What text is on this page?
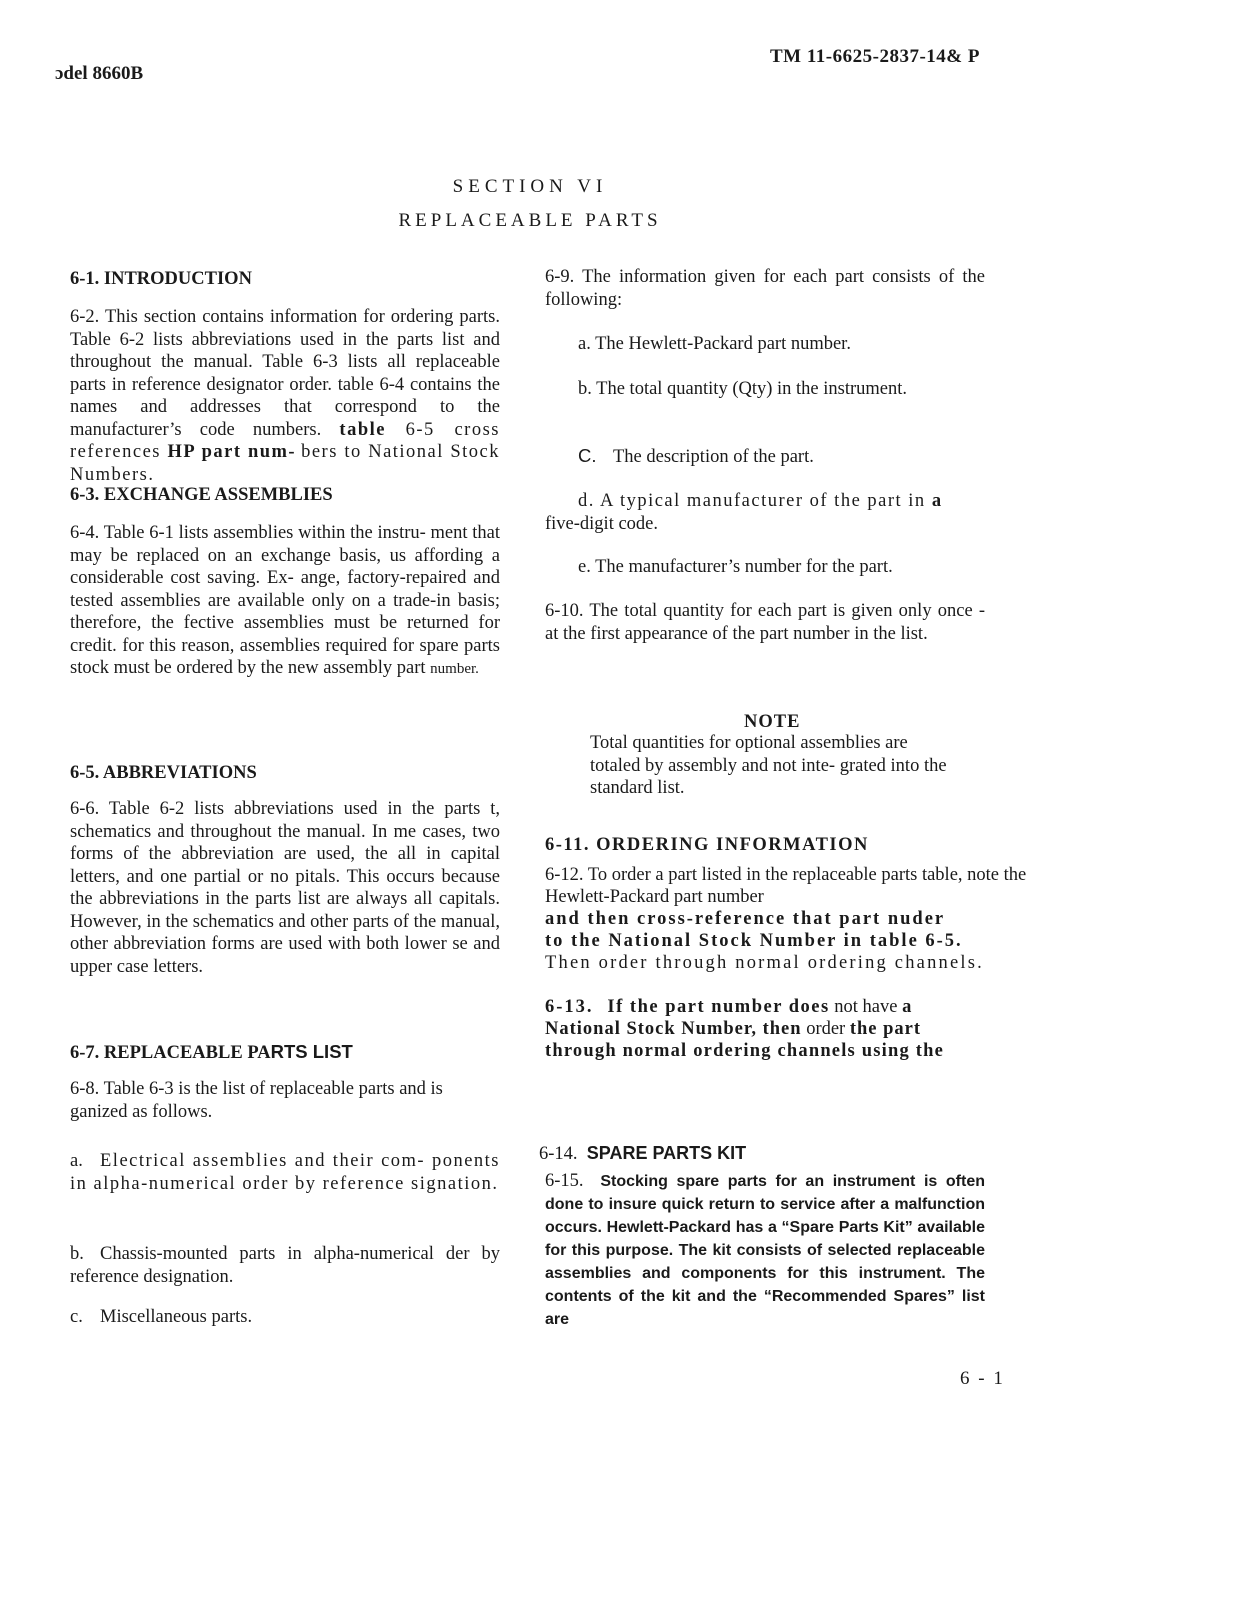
ɔdel 8660B
TM 11-6625-2837-14& P
SECTION VI
REPLACEABLE PARTS
6-1. INTRODUCTION
6-2. This section contains information for ordering parts. Table 6-2 lists abbreviations used in the parts list and throughout the manual. Table 6-3 lists all replaceable parts in reference designator order. table 6-4 contains the names and addresses that correspond to the manufacturer’s code numbers. table 6-5 cross references HP part num- bers to National Stock Numbers.
6-3. EXCHANGE ASSEMBLIES
6-4. Table 6-1 lists assemblies within the instru- ment that may be replaced on an exchange basis, us affording a considerable cost saving. Ex- ange, factory-repaired and tested assemblies are available only on a trade-in basis; therefore, the fective assemblies must be returned for credit. for this reason, assemblies required for spare parts stock must be ordered by the new assembly part number.
6-5. ABBREVIATIONS
6-6. Table 6-2 lists abbreviations used in the parts t, schematics and throughout the manual. In me cases, two forms of the abbreviation are used, the all in capital letters, and one partial or no pitals. This occurs because the abbreviations in the parts list are always all capitals. However, in the schematics and other parts of the manual, other abbreviation forms are used with both lower se and upper case letters.
6-7. REPLACEABLE PARTS LIST
6-8. Table 6-3 is the list of replaceable parts and is ganized as follows.
a. Electrical assemblies and their com- ponents in alpha-numerical order by reference signation.
b. Chassis-mounted parts in alpha-numerical der by reference designation.
c. Miscellaneous parts.
6-9. The information given for each part consists of the following:
a. The Hewlett-Packard part number.
b. The total quantity (Qty) in the instrument.
C. The description of the part.
d. A typical manufacturer of the part in a
five-digit code.
e. The manufacturer’s number for the part.
6-10. The total quantity for each part is given only once - at the first appearance of the part number in the list.
NOTE
Total quantities for optional assemblies are totaled by assembly and not inte- grated into the standard list.
6-11. ORDERING INFORMATION
6-12. To order a part listed in the replaceable parts table, note the Hewlett-Packard part number
and then cross-reference that part nuder
to the National Stock Number in table 6-5.
Then order through normal ordering channels.
6-13. If the part number does not have a
National Stock Number, then order the part
through normal ordering channels using the
6-14. SPARE PARTS KIT
6-15. Stocking spare parts for an instrument is often done to insure quick return to service after a malfunction occurs. Hewlett-Packard has a “Spare Parts Kit” available for this purpose. The kit consists of selected replaceable assemblies and components for this instrument. The contents of the kit and the “Recommended Spares” list are
6 - 1
